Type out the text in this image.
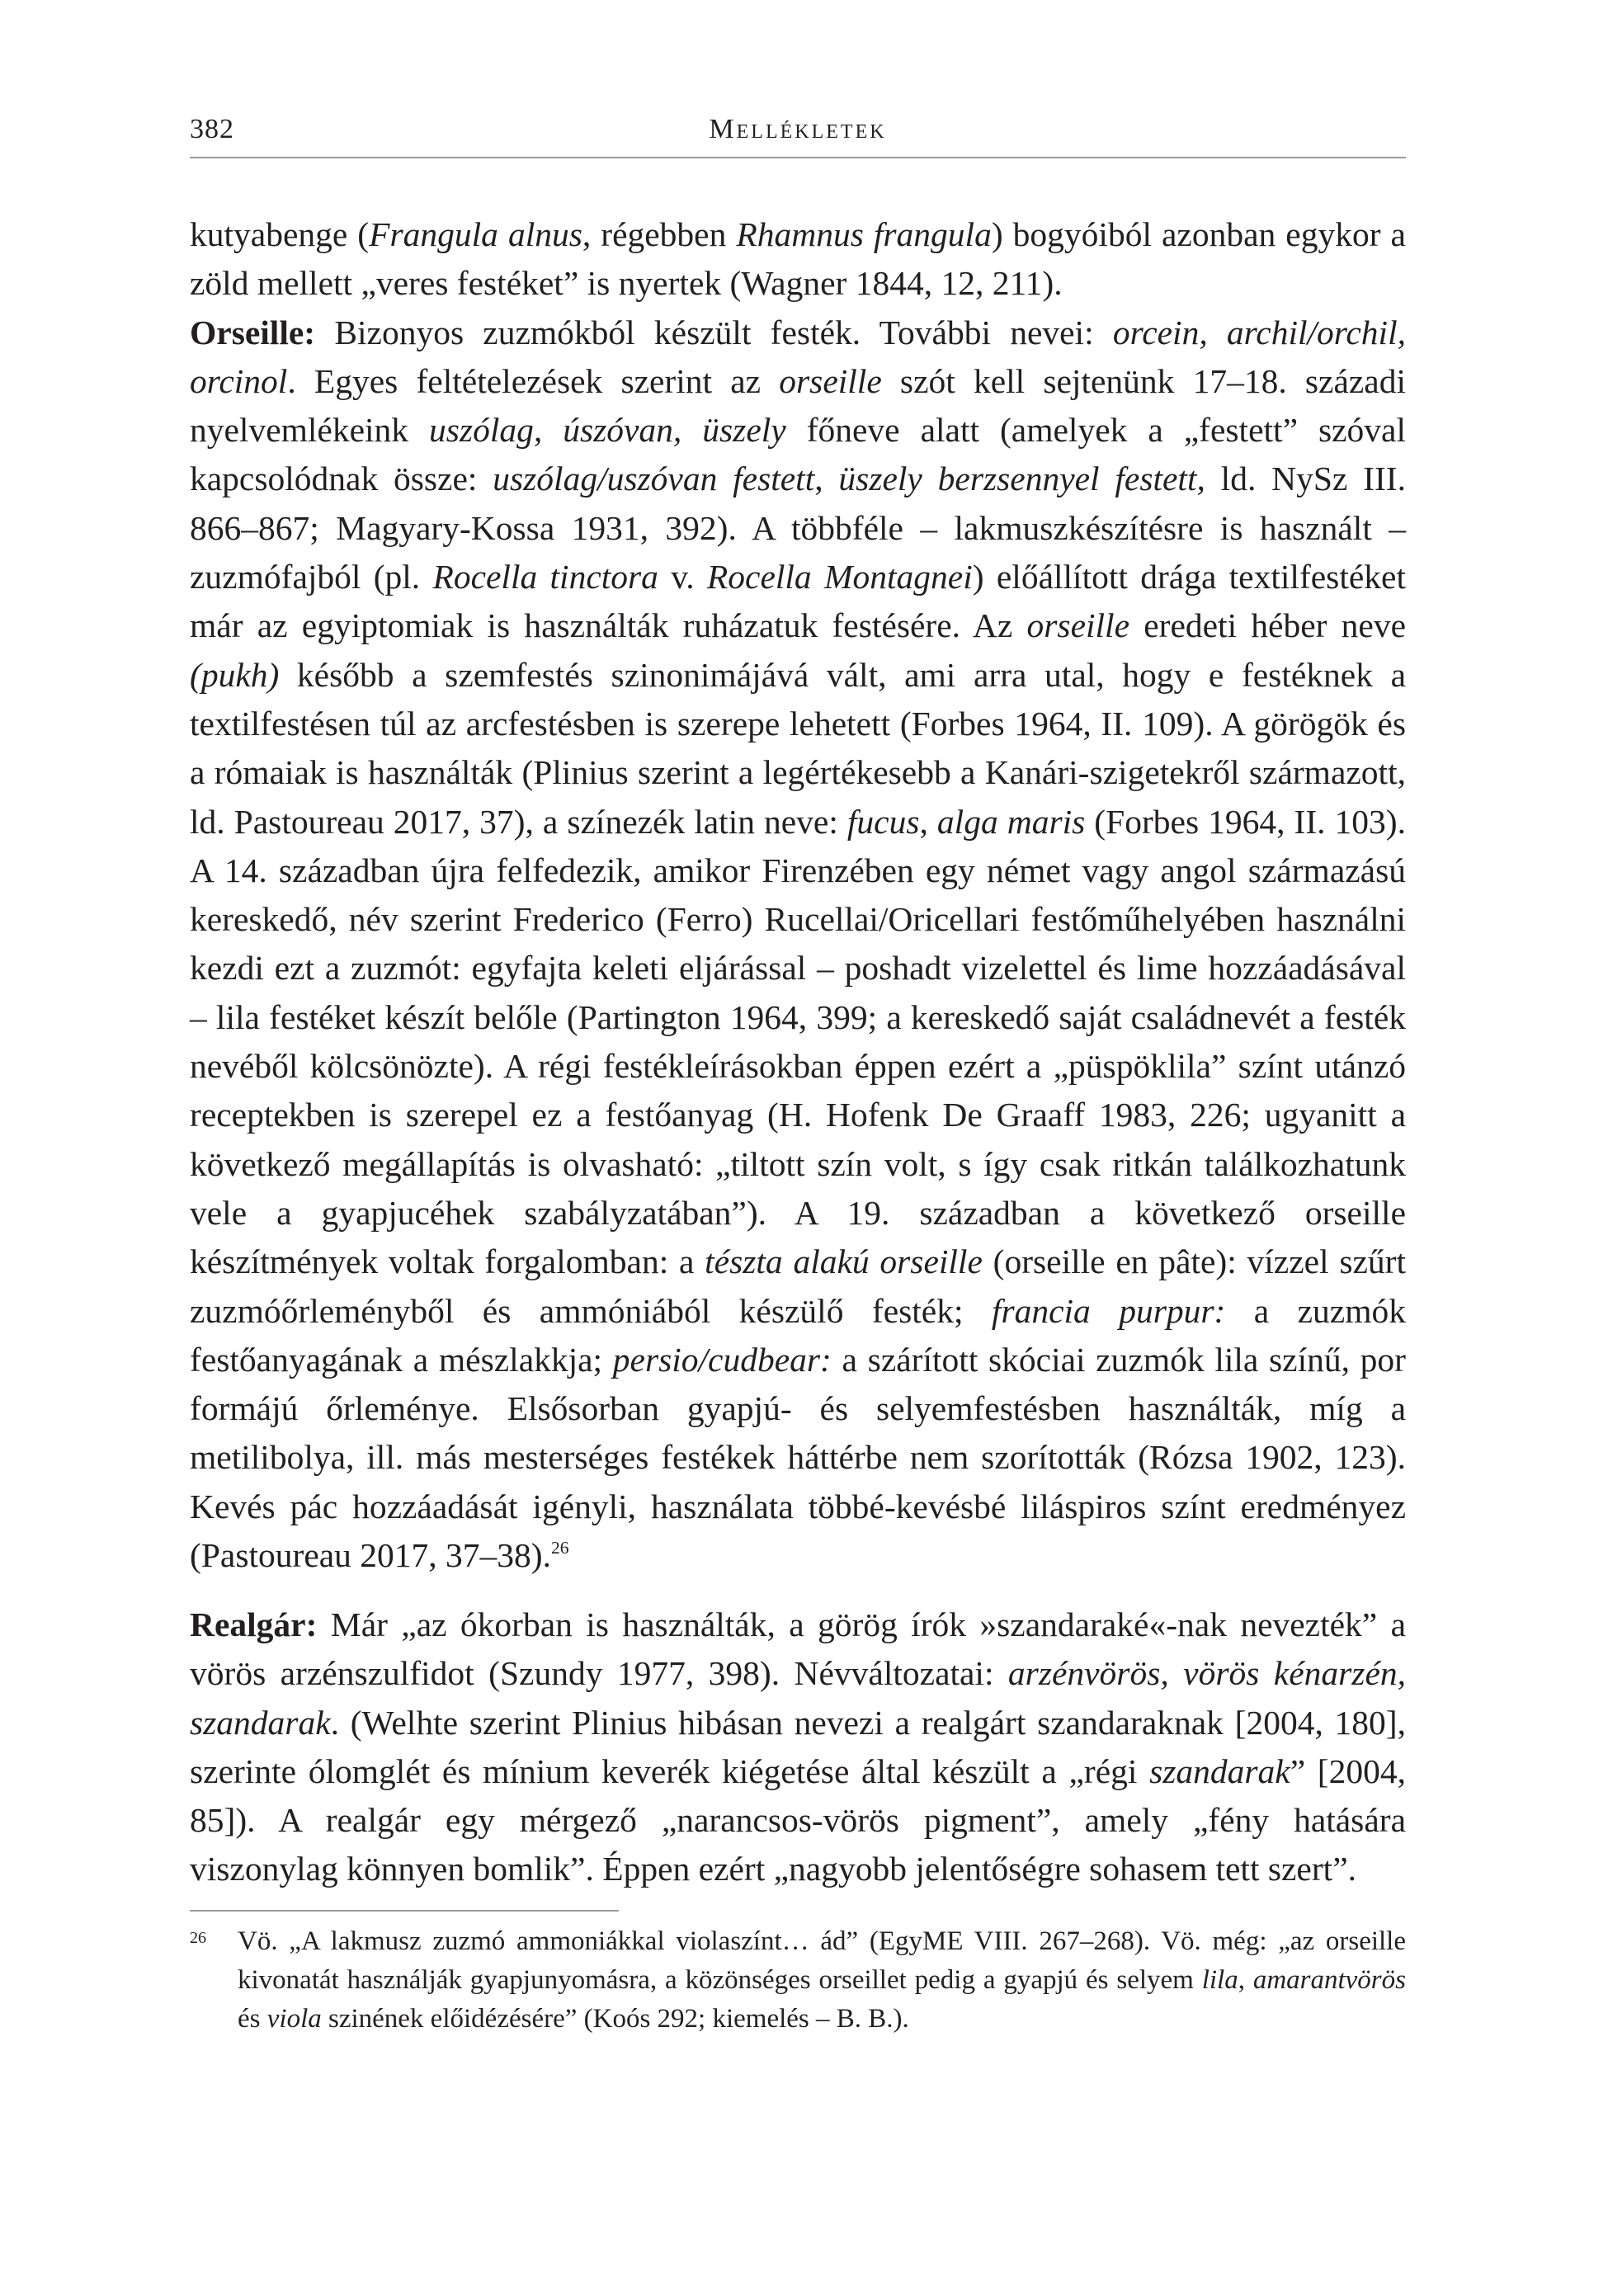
382	Mellékletek

kutyabenge (Frangula alnus, régebben Rhamnus frangula) bogyóiból azonban egykor a zöld mellett „veres festéket” is nyertek (Wagner 1844, 12, 211).
Orseille: Bizonyos zuzmókból készült festék. További nevei: orcein, archil/orchil, orcinol. Egyes feltételezések szerint az orseille szót kell sejtenünk 17–18. századi nyelvemlékeink uszólag, úszóvan, üszely főneve alatt (amelyek a „festett” szóval kapcsolódnak össze: uszólag/uszóvan festett, üszely berzsennyel festett, ld. NySz III. 866–867; Magyary-Kossa 1931, 392). A többféle – lakmuszkészítésre is használt – zuzmófajból (pl. Rocella tinctora v. Rocella Montagnei) előállított drága textilfestéket már az egyiptomiak is használták ruházatuk festésére. Az orseille eredeti héber neve (pukh) később a szemfestés szinonimájává vált, ami arra utal, hogy e festéknek a textilfestésen túl az arcfestésben is szerepe lehetett (Forbes 1964, II. 109). A görögök és a rómaiak is használták (Plinius szerint a legértékesebb a Kanári-szigetekről származott, ld. Pastoureau 2017, 37), a színezék latin neve: fucus, alga maris (Forbes 1964, II. 103). A 14. században újra felfedezik, amikor Firenzében egy német vagy angol származású kereskedő, név szerint Frederico (Ferro) Rucellai/Oricellari festőműhelyében használni kezdi ezt a zuzmót: egyfajta keleti eljárással – poshadt vizelettel és lime hozzáadásával – lila festéket készít belőle (Partington 1964, 399; a kereskedő saját családnevét a festék nevéből kölcsönözte). A régi festékleírásokban éppen ezért a „püspöklila” színt utánzó receptekben is szerepel ez a festőanyag (H. Hofenk De Graaff 1983, 226; ugyanitt a következő megállapítás is olvasható: „tiltott szín volt, s így csak ritkán találkozhatunk vele a gyapjucéhek szabályzatában”). A 19. században a következő orseille készítmények voltak forgalomban: a tészta alakú orseille (orseille en pâte): vízzel szűrt zuzmóőrleményből és ammóniából készülő festék; francia purpur: a zuzmók festőanyagának a mészlakkja; persio/cudbear: a szárított skóciai zuzmók lila színű, por formájú őrleménye. Elsősorban gyapjú- és selyemfestésben használták, míg a metilibolya, ill. más mesterséges festékek háttérbe nem szorították (Rózsa 1902, 123). Kevés pác hozzáadását igényli, használata többé-kevésbé liláspiros színt eredményez (Pastoureau 2017, 37–38).$^{26}$

Realgár: Már „az ókorban is használták, a görög írók »szandaraké«-nak nevezték” a vörös arzénszulfidot (Szundy 1977, 398). Névváltozatai: arzénvörös, vörös kénarzén, szandarak. (Welhte szerint Plinius hibásan nevezi a realgárt szandaraknak [2004, 180], szerinte ólomglét és mínium keverék kiégetése által készült a „régi szandarak” [2004, 85]). A realgár egy mérgező „narancsos-vörös pigment”, amely „fény hatására viszonylag könnyen bomlik”. Éppen ezért „nagyobb jelentőségre sohasem tett szert”.

26 Vö. „A lakmusz zuzmó ammoniákkal violaszínt… ád” (EgyME VIII. 267–268). Vö. még: „az orseille kivonatát használják gyapjunyomásra, a közönséges orseillet pedig a gyapjú és selyem lila, amarantvörös és viola szinének előidézésére” (Koós 292; kiemelés – B. B.).
